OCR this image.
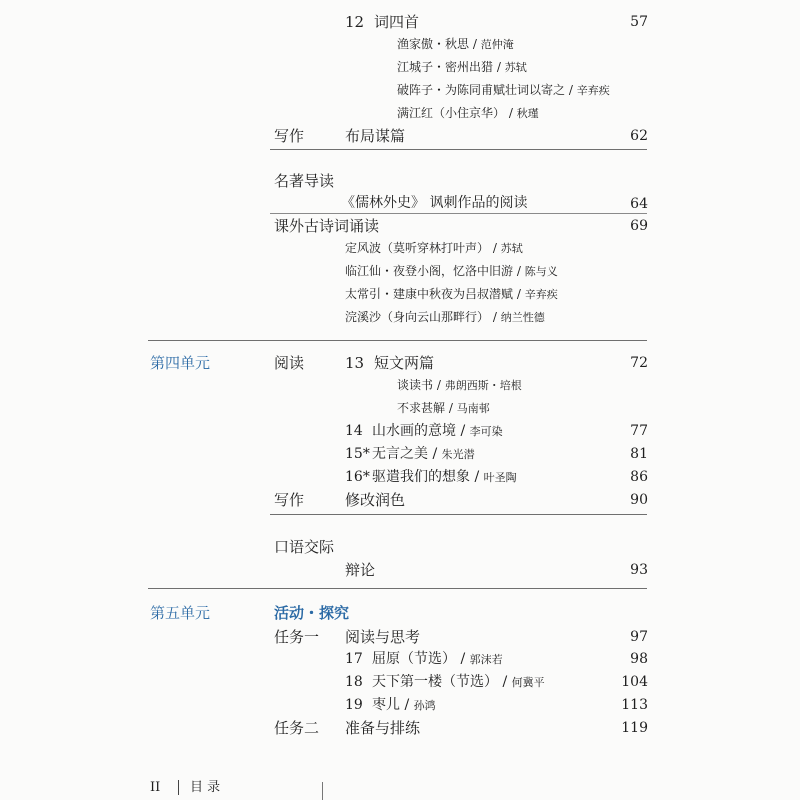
12 词四首	57
渔家傲・秋思 / 范仲淹
江城子・密州出猎 / 苏轼
破阵子・为陈同甫赋壮词以寄之 / 辛弃疾
满江红（小住京华） / 秋瑾
写作	布局谋篇	62
名著导读
《儒林外史》 讽刺作品的阅读	64
课外古诗词诵读	69
定风波（莫听穿林打叶声） / 苏轼
临江仙・夜登小阁，忆洛中旧游 / 陈与义
太常引・建康中秋夜为吕叔潜赋 / 辛弃疾
浣溪沙（身向云山那畔行） / 纳兰性德
第四单元	阅读	13 短文两篇	72
谈读书 / 弗朗西斯・培根
不求甚解 / 马南邨
14 山水画的意境 / 李可染	77
15* 无言之美 / 朱光潜	81
16* 驱遣我们的想象 / 叶圣陶	86
写作	修改润色	90
口语交际
辩论	93
第五单元	活动・探究
任务一 阅读与思考	97
17 屈原（节选） / 郭沫若	98
18 天下第一楼（节选） / 何冀平	104
19 枣儿 / 孙鸿	113
任务二 准备与排练	119
II 目 录
